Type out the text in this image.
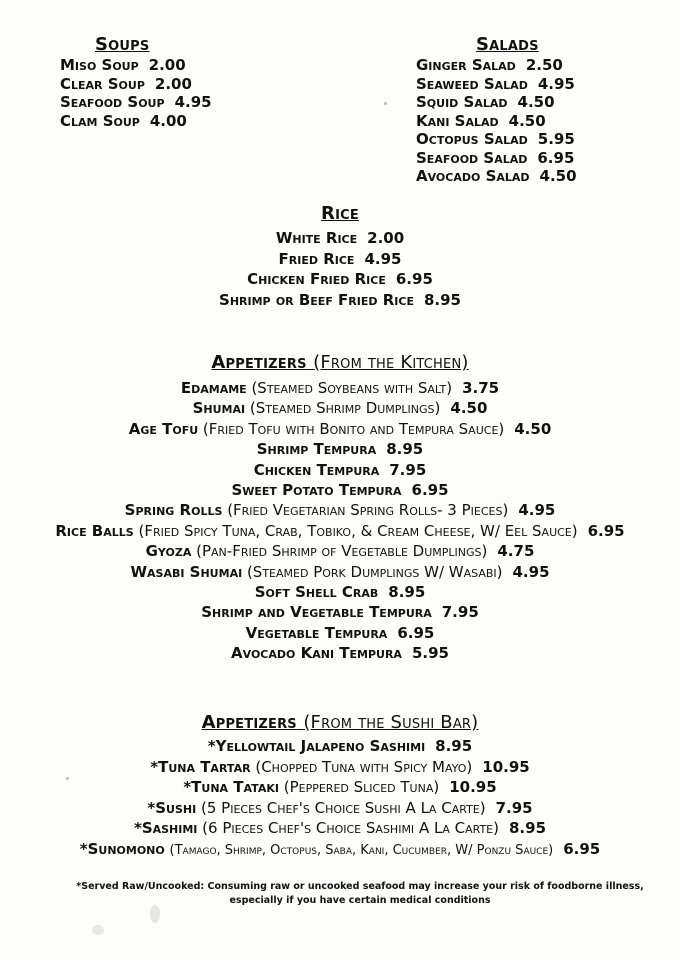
Soups
Miso Soup 2.00
Clear Soup 2.00
Seafood Soup 4.95
Clam Soup 4.00
Salads
Ginger Salad 2.50
Seaweed Salad 4.95
Squid Salad 4.50
Kani Salad 4.50
Octopus Salad 5.95
Seafood Salad 6.95
Avocado Salad 4.50
Rice
White Rice 2.00
Fried Rice 4.95
Chicken Fried Rice 6.95
Shrimp or Beef Fried Rice 8.95
Appetizers (From the Kitchen)
Edamame (Steamed Soybeans with Salt) 3.75
Shumai (Steamed Shrimp Dumplings) 4.50
Age Tofu (Fried Tofu with Bonito and Tempura Sauce) 4.50
Shrimp Tempura 8.95
Chicken Tempura 7.95
Sweet Potato Tempura 6.95
Spring Rolls (Fried Vegetarian Spring Rolls- 3 Pieces) 4.95
Rice Balls (Fried Spicy Tuna, Crab, Tobiko, & Cream Cheese, W/ Eel Sauce) 6.95
Gyoza (Pan-Fried Shrimp of Vegetable Dumplings) 4.75
Wasabi Shumai (Steamed Pork Dumplings W/ Wasabi) 4.95
Soft Shell Crab 8.95
Shrimp and Vegetable Tempura 7.95
Vegetable Tempura 6.95
Avocado Kani Tempura 5.95
Appetizers (From the Sushi Bar)
*Yellowtail Jalapeno Sashimi 8.95
*Tuna Tartar (Chopped Tuna with Spicy Mayo) 10.95
*Tuna Tataki (Peppered Sliced Tuna) 10.95
*Sushi (5 Pieces Chef's Choice Sushi A La Carte) 7.95
*Sashimi (6 Pieces Chef's Choice Sashimi A La Carte) 8.95
*Sunomono (Tamago, Shrimp, Octopus, Saba, Kani, Cucumber, W/ Ponzu Sauce) 6.95
*Served Raw/Uncooked: Consuming raw or uncooked seafood may increase your risk of foodborne illness, especially if you have certain medical conditions
